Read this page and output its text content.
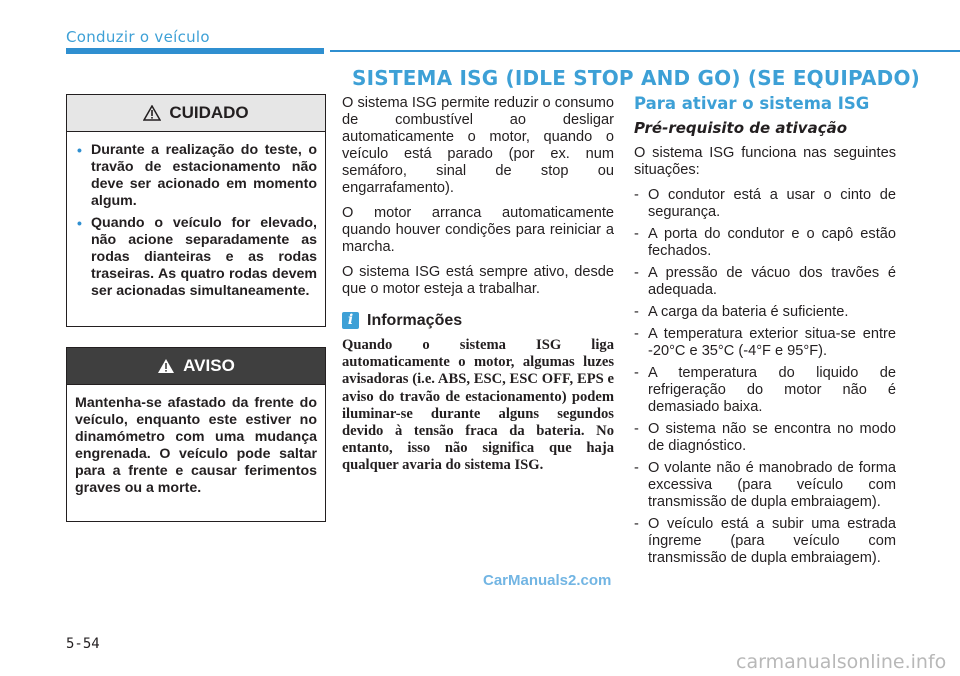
Conduzir o veículo
SISTEMA ISG (IDLE STOP AND GO) (SE EQUIPADO)
CUIDADO
• Durante a realização do teste, o travão de estacionamento não deve ser acionado em momento algum.
• Quando o veículo for elevado, não acione separadamente as rodas dianteiras e as rodas traseiras. As quatro rodas devem ser acionadas simultaneamente.
AVISO
Mantenha-se afastado da frente do veículo, enquanto este estiver no dinamómetro com uma mudança engrenada. O veículo pode saltar para a frente e causar ferimentos graves ou a morte.

O sistema ISG permite reduzir o consumo de combustível ao desligar automaticamente o motor, quando o veículo está parado (por ex. num semáforo, sinal de stop ou engarrafamento).

O motor arranca automaticamente quando houver condições para reiniciar a marcha.

O sistema ISG está sempre ativo, desde que o motor esteja a trabalhar.

i Informações
Quando o sistema ISG liga automaticamente o motor, algumas luzes avisadoras (i.e. ABS, ESC, ESC OFF, EPS e aviso do travão de estacionamento) podem iluminar-se durante alguns segundos devido à tensão fraca da bateria. No entanto, isso não significa que haja qualquer avaria do sistema ISG.
Para ativar o sistema ISG
Pré-requisito de ativação

O sistema ISG funciona nas seguintes situações:

- O condutor está a usar o cinto de segurança.
- A porta do condutor e o capô estão fechados.
- A pressão de vácuo dos travões é adequada.
- A carga da bateria é suficiente.
- A temperatura exterior situa-se entre -20°C e 35°C (-4°F e 95°F).
- A temperatura do liquido de refrigeração do motor não é demasiado baixa.
- O sistema não se encontra no modo de diagnóstico.
- O volante não é manobrado de forma excessiva (para veículo com transmissão de dupla embraiagem).
- O veículo está a subir uma estrada íngreme (para veículo com transmissão de dupla embraiagem).
CarManuals2.com
5-54
carmanualsonline.info
